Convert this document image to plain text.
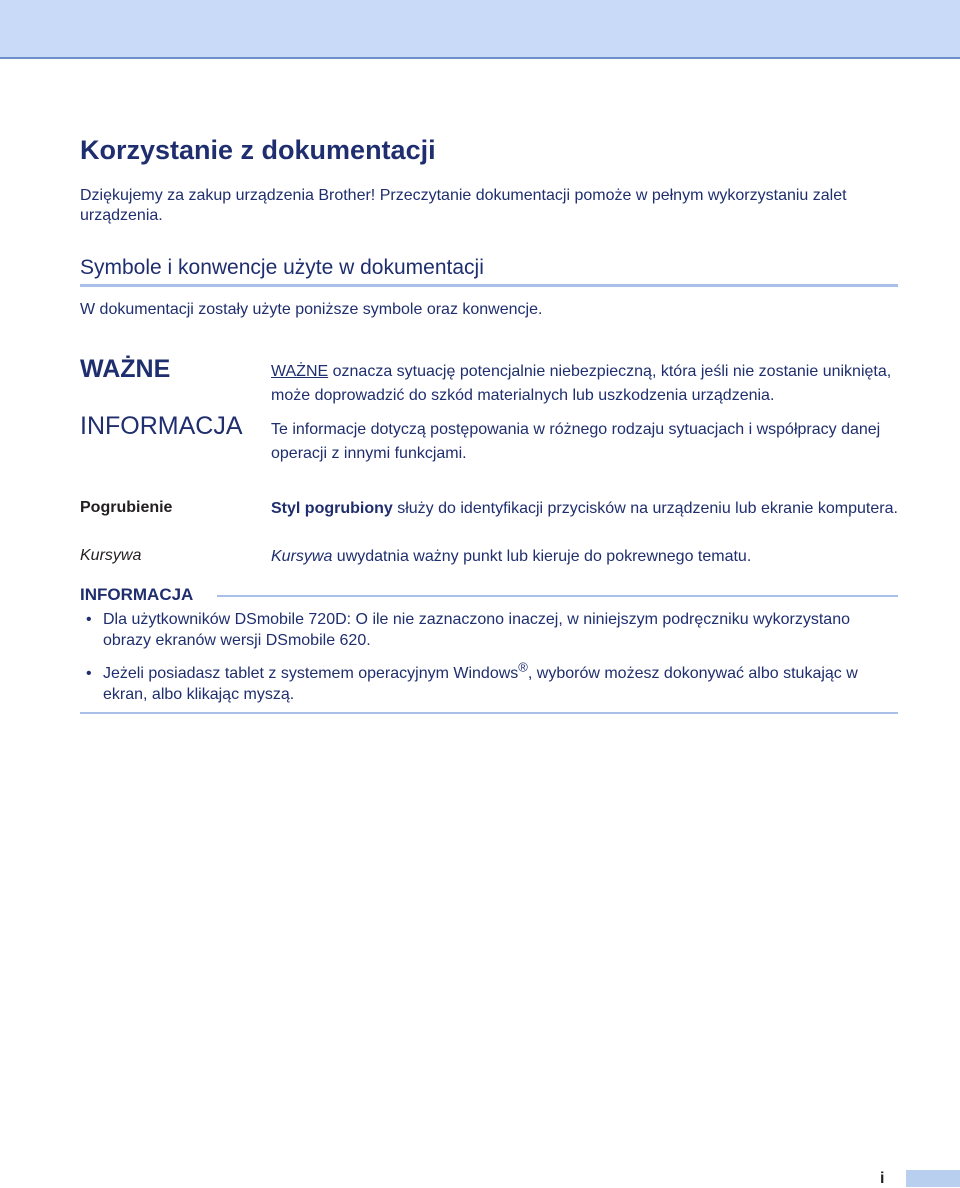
Korzystanie z dokumentacji

Dziękujemy za zakup urządzenia Brother! Przeczytanie dokumentacji pomoże w pełnym wykorzystaniu zalet urządzenia.

Symbole i konwencje użyte w dokumentacji

W dokumentacji zostały użyte poniższe symbole oraz konwencje.

WAŻNE	WAŻNE oznacza sytuację potencjalnie niebezpieczną, która jeśli nie zostanie uniknięta, może doprowadzić do szkód materialnych lub uszkodzenia urządzenia.

INFORMACJA Te informacje dotyczą postępowania w różnego rodzaju sytuacjach i współpracy danej operacji z innymi funkcjami.

Pogrubienie	Styl pogrubiony służy do identyfikacji przycisków na urządzeniu lub ekranie komputera.

Kursywa	Kursywa uwydatnia ważny punkt lub kieruje do pokrewnego tematu.

INFORMACJA

• Dla użytkowników DSmobile 720D: O ile nie zaznaczono inaczej, w niniejszym podręczniku wykorzystano obrazy ekranów wersji DSmobile 620.
• Jeżeli posiadasz tablet z systemem operacyjnym Windows®, wyborów możesz dokonywać albo stukając w ekran, albo klikając myszą.

i
